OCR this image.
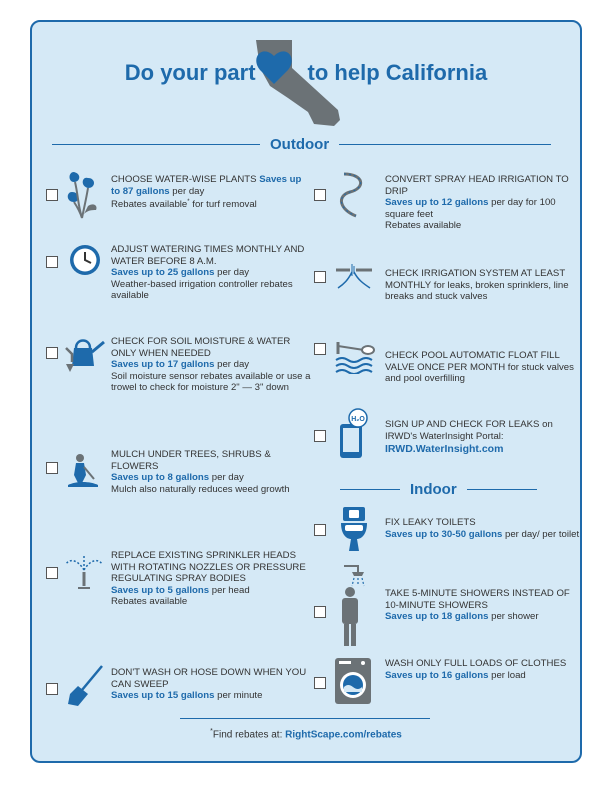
Do your part to help California
Outdoor
Indoor
CHOOSE WATER-WISE PLANTS Saves up to 87 gallons per day
Rebates available* for turf removal
ADJUST WATERING TIMES MONTHLY AND WATER BEFORE 8 A.M.
Saves up to 25 gallons per day
Weather-based irrigation controller rebates available
CHECK FOR SOIL MOISTURE & WATER ONLY WHEN NEEDED
Saves up to 17 gallons per day
Soil moisture sensor rebates available or use a trowel to check for moisture 2" — 3" down
MULCH UNDER TREES, SHRUBS & FLOWERS
Saves up to 8 gallons per day
Mulch also naturally reduces weed growth
REPLACE EXISTING SPRINKLER HEADS WITH ROTATING NOZZLES OR PRESSURE REGULATING SPRAY BODIES
Saves up to 5 gallons per head
Rebates available
DON'T WASH OR HOSE DOWN WHEN YOU CAN SWEEP
Saves up to 15 gallons per minute
CONVERT SPRAY HEAD IRRIGATION TO DRIP
Saves up to 12 gallons per day for 100 square feet
Rebates available
CHECK IRRIGATION SYSTEM AT LEAST MONTHLY for leaks, broken sprinklers, line breaks and stuck valves
CHECK POOL AUTOMATIC FLOAT FILL VALVE ONCE PER MONTH for stuck valves and pool overfilling
H₂O SIGN UP AND CHECK FOR LEAKS on IRWD's WaterInsight Portal:
IRWD.WaterInsight.com
FIX LEAKY TOILETS
Saves up to 30-50 gallons per day/ per toilet
TAKE 5-MINUTE SHOWERS INSTEAD OF 10-MINUTE SHOWERS
Saves up to 18 gallons per shower
WASH ONLY FULL LOADS OF CLOTHES
Saves up to 16 gallons per load
*Find rebates at: RightScape.com/rebates
